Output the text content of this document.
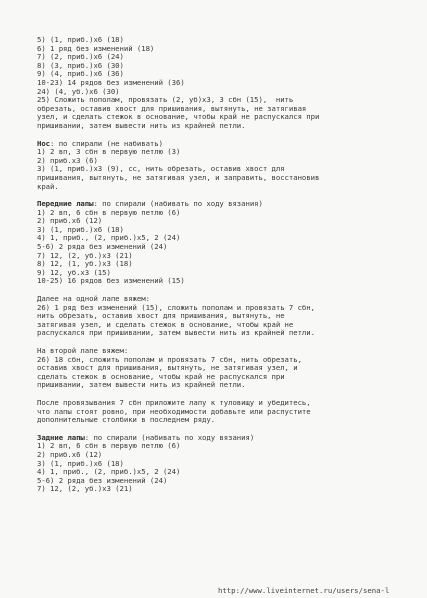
5) (1, приб.)х6 (18)

6) 1 ряд без изменений (18)

7) (2, приб.)х6 (24)

8) (3, приб.)х6 (30)

9) (4, приб.)х6 (36)

10-23) 14 рядов без изменений (36)

24) (4, уб.)х6 (30)

25) Сложить пополам, провязать (2, уб)х3, 3 сбн (15),  нить

обрезать, оставив хвост для пришивания, вытянуть, не затягивая

узел, и сделать стежок в основание, чтобы край не распускался при

пришивании, затем вывести нить из крайней петли.

Нос: по спирали (не набивать)

1) 2 вп, 3 сбн в первую петлю (3)

2) приб.х3 (6)

3) (1, приб.)х3 (9), сс, нить обрезать, оставив хвост для

пришивания, вытянуть, не затягивая узел, и заправить, восстановив

край.

Передние лапы: по спирали (набивать по ходу вязания)

1) 2 вп, 6 сбн в первую петлю (6)

2) приб.х6 (12)

3) (1, приб.)х6 (18)

4) 1, приб., (2, приб.)х5, 2 (24)

5-6) 2 ряда без изменений (24)

7) 12, (2, уб.)х3 (21)

8) 12, (1, уб.)х3 (18)

9) 12, уб.х3 (15)

10-25) 16 рядов без изменений (15)

Далее на одной лапе вяжем:

26) 1 ряд без изменений (15), сложить пополам и провязать 7 сбн,

нить обрезать, оставив хвост для пришивания, вытянуть, не

затягивая узел, и сделать стежок в основание, чтобы край не

распускался при пришивании, затем вывести нить из крайней петли.

На второй лапе вяжем:

26) 18 сбн, сложить пополам и провязать 7 сбн, нить обрезать,

оставив хвост для пришивания, вытянуть, не затягивая узел, и

сделать стежок в основание, чтобы край не распускался при

пришивании, затем вывести нить из крайней петли.

После провязывания 7 сбн приложите лапу к туловищу и убедитесь,

что лапы стоят ровно, при необходимости добавьте или распустите

дополнительные столбики в последнем ряду.

Задние лапы: по спирали (набивать по ходу вязания)

1) 2 вп, 6 сбн в первую петлю (6)

2) приб.х6 (12)

3) (1, приб.)х6 (18)

4) 1, приб., (2, приб.)х5, 2 (24)

5-6) 2 ряда без изменений (24)

7) 12, (2, уб.)х3 (21)

http://www.liveinternet.ru/users/sena-l
